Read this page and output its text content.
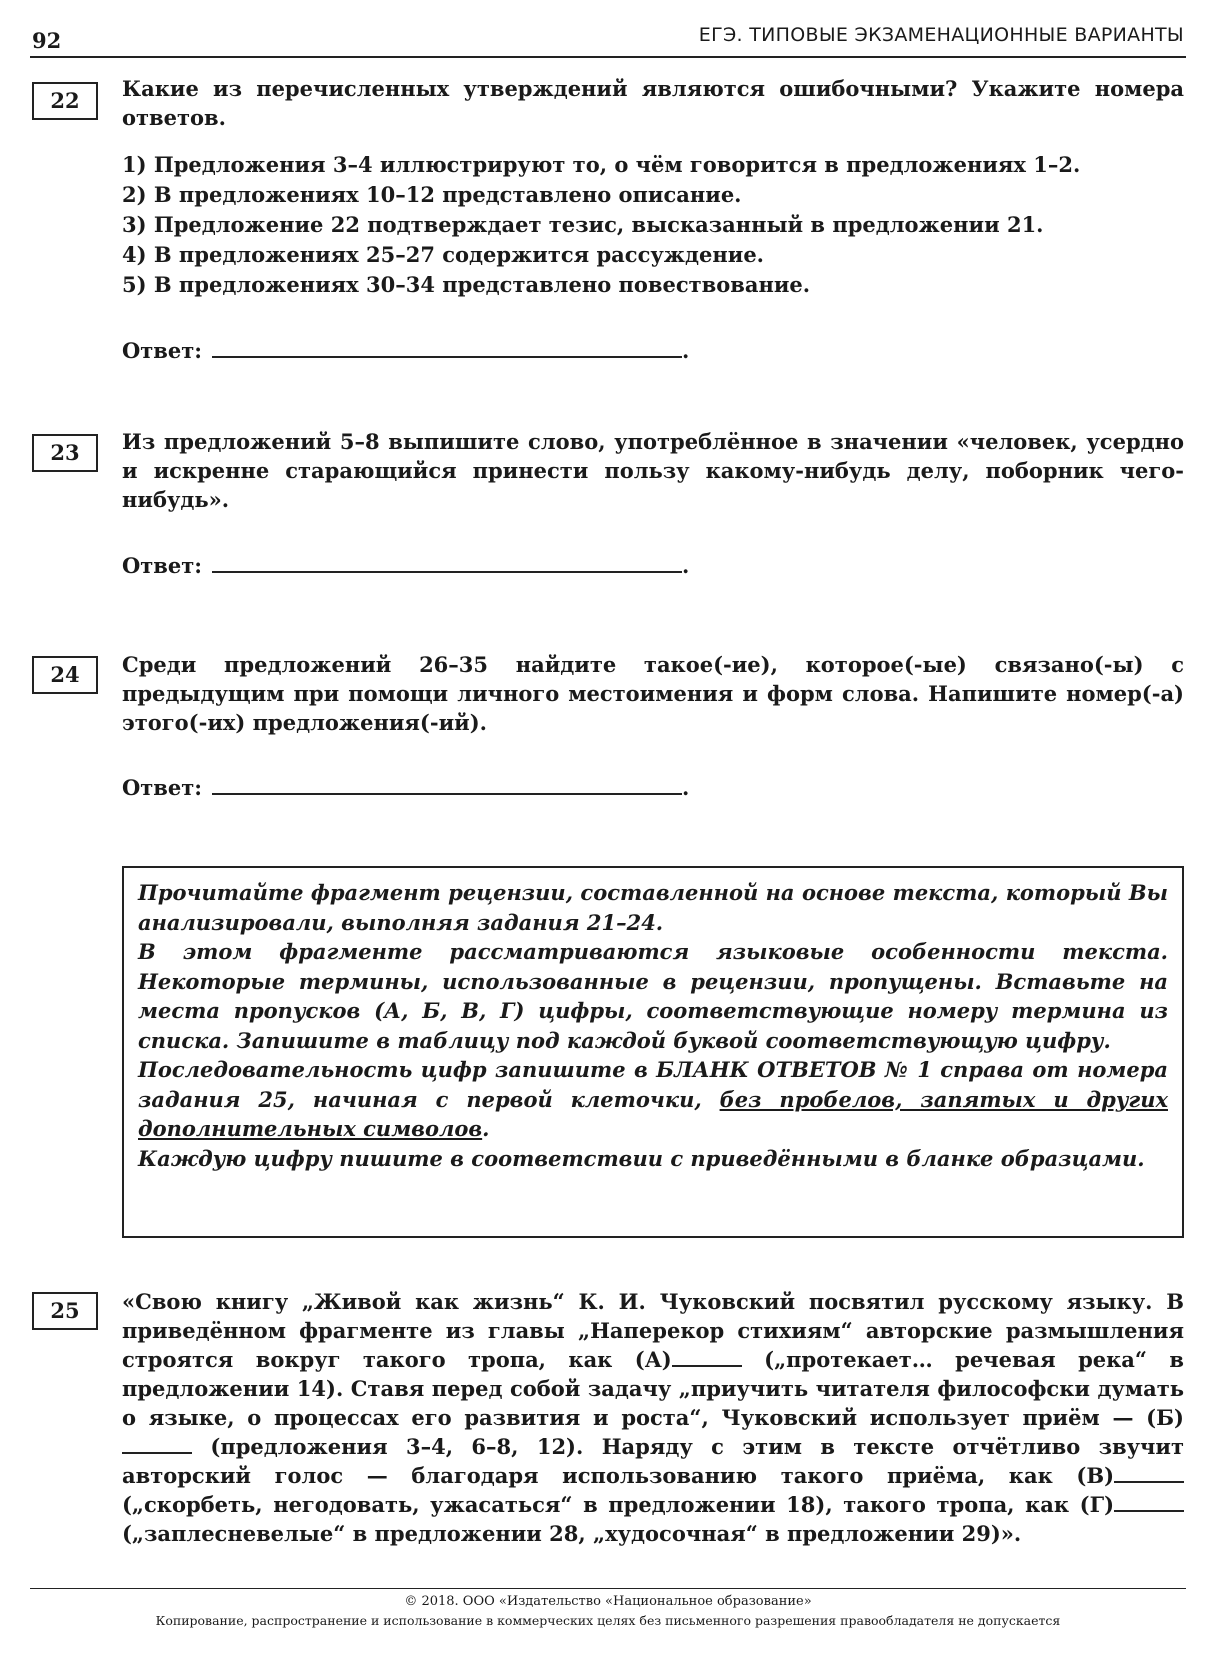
92	ЕГЭ. ТИПОВЫЕ ЭКЗАМЕНАЦИОННЫЕ ВАРИАНТЫ
22	Какие из перечисленных утверждений являются ошибочными? Укажите номера ответов.

1) Предложения 3–4 иллюстрируют то, о чём говорится в предложениях 1–2.

2) В предложениях 10–12 представлено описание.

3) Предложение 22 подтверждает тезис, высказанный в предложении 21.

4) В предложениях 25–27 содержится рассуждение.

5) В предложениях 30–34 представлено повествование.

Ответ:	.
23	Из предложений 5–8 выпишите слово, употреблённое в значении «человек, усердно и искренне старающийся принести пользу какому-нибудь делу, поборник чего-нибудь».
Ответ:	.
24	Среди предложений 26–35 найдите такое(-ие), которое(-ые) связано(-ы) с предыдущим при помощи личного местоимения и форм слова. Напишите номер(-а) этого(-их) предложения(-ий).
Ответ:	.

Прочитайте фрагмент рецензии, составленной на основе текста, который Вы анализировали, выполняя задания 21–24.

В этом фрагменте рассматриваются языковые особенности текста. Некоторые термины, использованные в рецензии, пропущены. Вставьте на места пропусков (А, Б, В, Г) цифры, соответствующие номеру термина из списка. Запишите в таблицу под каждой буквой соответствующую цифру.

Последовательность цифр запишите в БЛАНК ОТВЕТОВ № 1 справа от номера задания 25, начиная с первой клеточки, без пробелов, запятых и других дополнительных символов.

Каждую цифру пишите в соответствии с приведёнными в бланке образцами.

25	«Свою книгу „Живой как жизнь“ К. И. Чуковский посвятил русскому языку. В приведённом фрагменте из главы „Наперекор стихиям“ авторские размышления строятся вокруг такого тропа, как (А)	(„протекает… речевая река“ в предложении 14). Ставя перед собой задачу „приучить читателя философски думать о языке, о процессах его развития и роста“, Чуковский использует приём — (Б) (предложения 3–4, 6–8, 12). Наряду с этим в тексте отчётливо звучит авторский голос — благодаря использованию такого приёма, как (В) („скорбеть, негодовать, ужасаться“ в предложении 18), такого тропа, как (Г) („заплесневелые“ в предложении 28, „худосочная“ в предложении 29)».
© 2018. ООО «Издательство «Национальное образование»
Копирование, распространение и использование в коммерческих целях без письменного разрешения правообладателя не допускается
